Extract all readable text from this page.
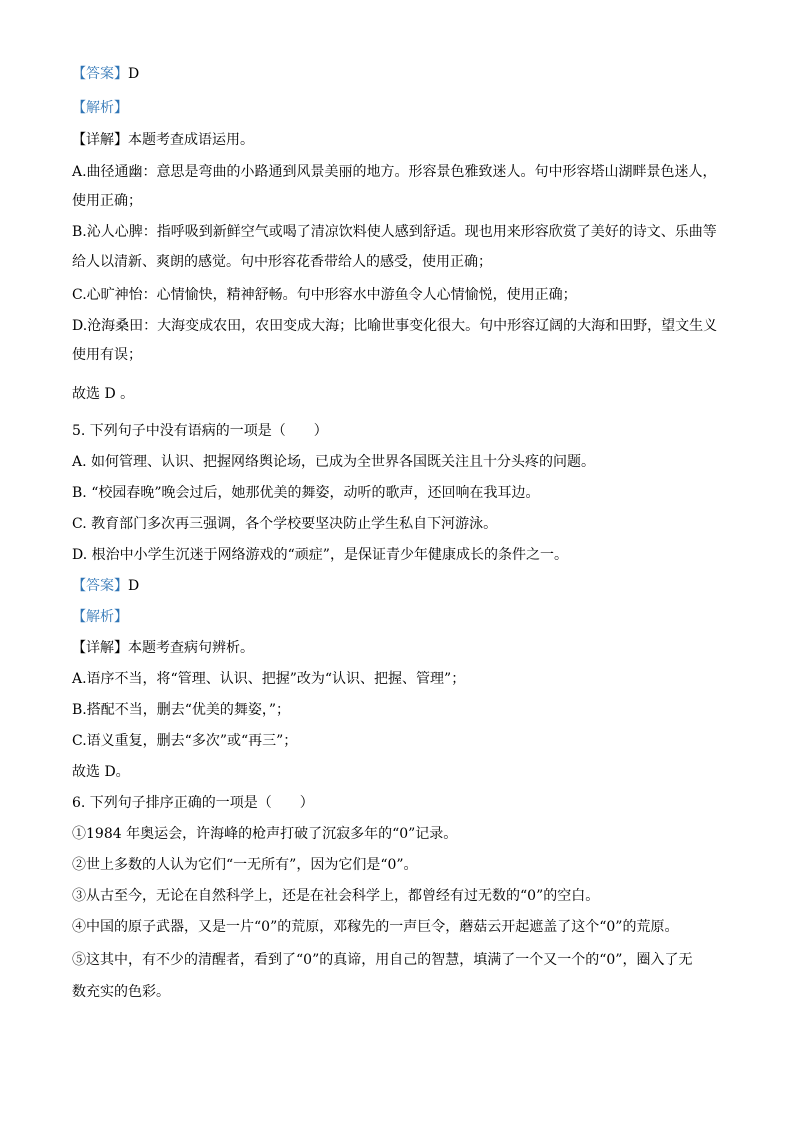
【答案】D

【解析】

【详解】本题考查成语运用。

A.曲径通幽：意思是弯曲的小路通到风景美丽的地方。形容景色雅致迷人。句中形容塔山湖畔景色迷人，

使用正确；

B.沁人心脾：指呼吸到新鲜空气或喝了清凉饮料使人感到舒适。现也用来形容欣赏了美好的诗文、乐曲等

给人以清新、爽朗的感觉。句中形容花香带给人的感受，使用正确；

C.心旷神怡：心情愉快，精神舒畅。句中形容水中游鱼令人心情愉悦，使用正确；

D.沧海桑田：大海变成农田，农田变成大海；比喻世事变化很大。句中形容辽阔的大海和田野，望文生义

使用有误；

故选 D 。

5. 下列句子中没有语病的一项是（　　）

A. 如何管理、认识、把握网络舆论场，已成为全世界各国既关注且十分头疼的问题。

B. “校园春晚”晚会过后，她那优美的舞姿，动听的歌声，还回响在我耳边。

C. 教育部门多次再三强调，各个学校要坚决防止学生私自下河游泳。

D. 根治中小学生沉迷于网络游戏的“顽症”，是保证青少年健康成长的条件之一。

【答案】D

【解析】

【详解】本题考查病句辨析。

A.语序不当，将“管理、认识、把握”改为“认识、把握、管理”；

B.搭配不当，删去“优美的舞姿，”；

C.语义重复，删去“多次”或“再三”；

故选 D。

6. 下列句子排序正确的一项是（　　）

①1984 年奥运会，许海峰的枪声打破了沉寂多年的“0”记录。

②世上多数的人认为它们“一无所有”，因为它们是“0”。

③从古至今，无论在自然科学上，还是在社会科学上，都曾经有过无数的“0”的空白。

④中国的原子武器，又是一片“0”的荒原，邓稼先的一声巨令，蘑菇云开起遮盖了这个“0”的荒原。

⑤这其中，有不少的清醒者，看到了“0”的真谛，用自己的智慧，填满了一个又一个的“0”，圈入了无

数充实的色彩。
